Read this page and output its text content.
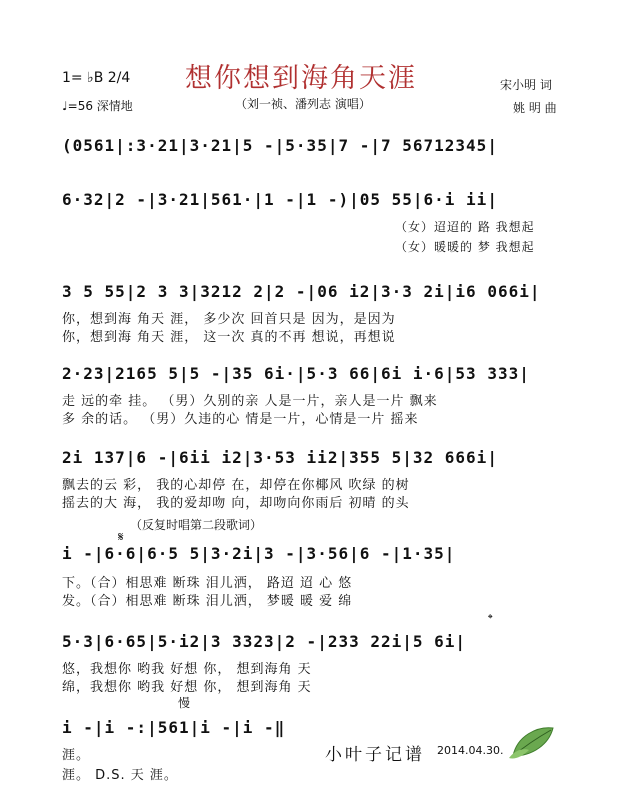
想你想到海角天涯
（刘一祯、潘列志 演唱）
1= ♭B 2/4
♩=56 深情地
宋小明 词
姚 明 曲
(0561|:3·21|3·21|5 -|5·35|7 -|7 56712345|
6·32|2 -|3·21|561·|1 -|1 -)|05 55|6·i ii|
（女）迢迢的 路 我想起
（女）暖暖的 梦 我想起
3 5 55|2 3 3|3212 2|2 -|06 i2|3·3 2i|i6 066i|
你，想到海 角天 涯， 多少次 回首只是 因为，是因为
你，想到海 角天 涯， 这一次 真的不再 想说，再想说
2·23|2165 5|5 -|35 6i·|5·3 66|6i i·6|53 333|
走 远的牵 挂。 （男）久别的亲 人是一片，亲人是一片 飘来
多 余的话。 （男）久违的心 情是一片，心情是一片 摇来
2i 137|6 -|6ii i2|3·53 ii2|355 5|32 666i|
飘去的云 彩， 我的心却停 在，却停在你椰风 吹绿 的树
摇去的大 海， 我的爱却吻 向，却吻向你雨后 初晴 的头
（反复时唱第二段歌词）
𝄋
i -|6·6|6·5 5|3·2i|3 -|3·56|6 -|1·35|
下。（合）相思难 断珠 泪儿洒， 路迢 迢 心 悠
发。（合）相思难 断珠 泪儿洒， 梦暖 暖 爱 绵
𝄌
5·3|6·65|5·i2|3 3323|2 -|233 22i|5 6i|
悠，我想你 哟我 好想 你， 想到海角 天
绵，我想你 哟我 好想 你， 想到海角 天
慢
i -|i -:|561|i -|i -‖
涯。
涯。 D.S. 天 涯。
小叶子记谱 2014.04.30.
